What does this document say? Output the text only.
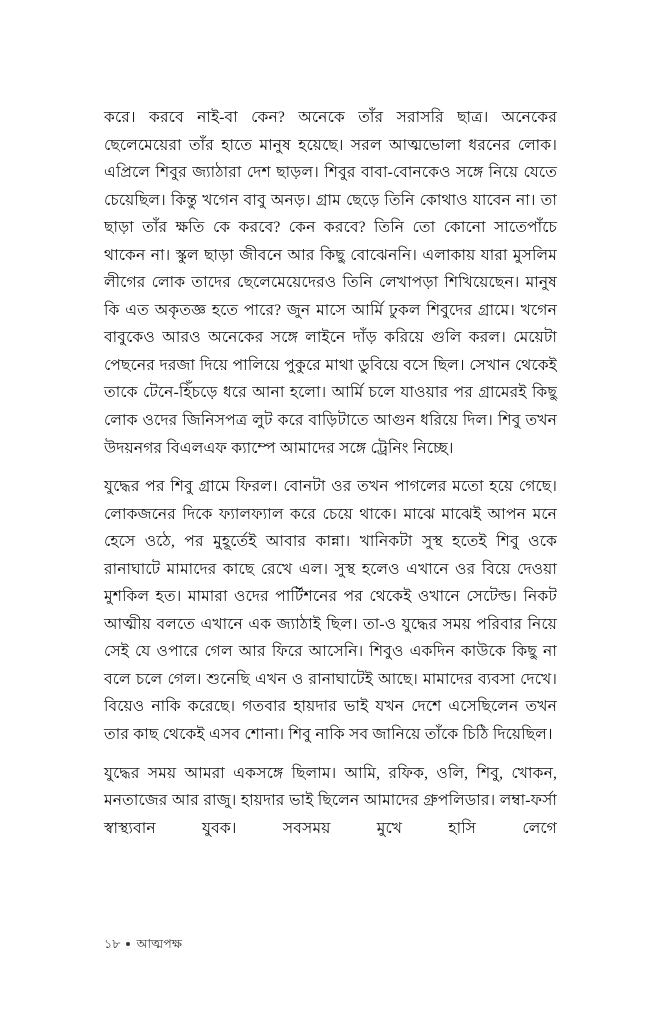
করে। করবে নাই-বা কেন? অনেকে তাঁর সরাসরি ছাত্র। অনেকের ছেলেমেয়েরা তাঁর হাতে মানুষ হয়েছে। সরল আত্মভোলা ধরনের লোক। এপ্রিলে শিবুর জ্যাঠারা দেশ ছাড়ল। শিবুর বাবা-বোনকেও সঙ্গে নিয়ে যেতে চেয়েছিল। কিন্তু খগেন বাবু অনড়। গ্রাম ছেড়ে তিনি কোথাও যাবেন না। তা ছাড়া তাঁর ক্ষতি কে করবে? কেন করবে? তিনি তো কোনো সাতেপাঁচে থাকেন না। স্কুল ছাড়া জীবনে আর কিছু বোঝেননি। এলাকায় যারা মুসলিম লীগের লোক তাদের ছেলেমেয়েদেরও তিনি লেখাপড়া শিখিয়েছেন। মানুষ কি এত অকৃতজ্ঞ হতে পারে? জুন মাসে আর্মি ঢুকল শিবুদের গ্রামে। খগেন বাবুকেও আরও অনেকের সঙ্গে লাইনে দাঁড় করিয়ে গুলি করল। মেয়েটা পেছনের দরজা দিয়ে পালিয়ে পুকুরে মাথা ডুবিয়ে বসে ছিল। সেখান থেকেই তাকে টেনে-হিঁচড়ে ধরে আনা হলো। আর্মি চলে যাওয়ার পর গ্রামেরই কিছু লোক ওদের জিনিসপত্র লুট করে বাড়িটাতে আগুন ধরিয়ে দিল। শিবু তখন উদয়নগর বিএলএফ ক্যাম্পে আমাদের সঙ্গে ট্রেনিং নিচ্ছে।

যুদ্ধের পর শিবু গ্রামে ফিরল। বোনটা ওর তখন পাগলের মতো হয়ে গেছে। লোকজনের দিকে ফ্যালফ্যাল করে চেয়ে থাকে। মাঝে মাঝেই আপন মনে হেসে ওঠে, পর মুহূর্তেই আবার কান্না। খানিকটা সুস্থ হতেই শিবু ওকে রানাঘাটে মামাদের কাছে রেখে এল। সুস্থ হলেও এখানে ওর বিয়ে দেওয়া মুশকিল হত। মামারা ওদের পার্টিশনের পর থেকেই ওখানে সেটেল্ড। নিকট আত্মীয় বলতে এখানে এক জ্যাঠাই ছিল। তা-ও যুদ্ধের সময় পরিবার নিয়ে সেই যে ওপারে গেল আর ফিরে আসেনি। শিবুও একদিন কাউকে কিছু না বলে চলে গেল। শুনেছি এখন ও রানাঘাটেই আছে। মামাদের ব্যবসা দেখে। বিয়েও নাকি করেছে। গতবার হায়দার ভাই যখন দেশে এসেছিলেন তখন তার কাছ থেকেই এসব শোনা। শিবু নাকি সব জানিয়ে তাঁকে চিঠি দিয়েছিল।

যুদ্ধের সময় আমরা একসঙ্গে ছিলাম। আমি, রফিক, ওলি, শিবু, খোকন, মনতাজের আর রাজু। হায়দার ভাই ছিলেন আমাদের গ্রুপলিডার। লম্বা-ফর্সা স্বাস্থ্যবান যুবক। সবসময় মুখে হাসি লেগে

১৮ আত্মপক্ষ
